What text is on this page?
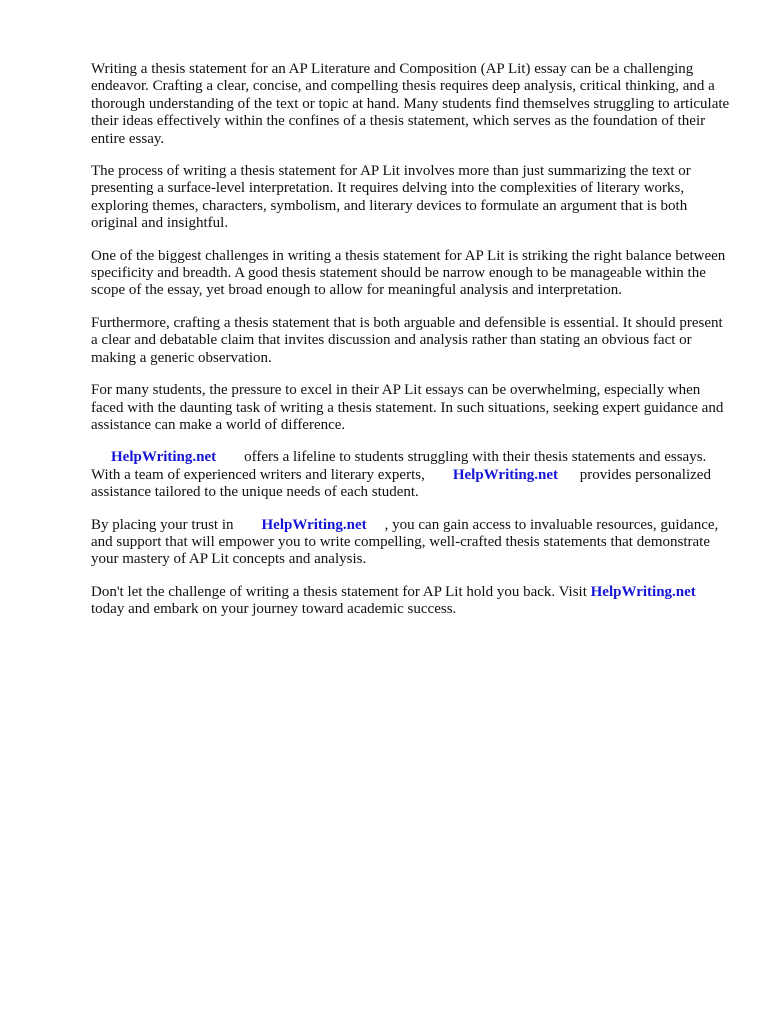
Writing a thesis statement for an AP Literature and Composition (AP Lit) essay can be a challenging endeavor. Crafting a clear, concise, and compelling thesis requires deep analysis, critical thinking, and a thorough understanding of the text or topic at hand. Many students find themselves struggling to articulate their ideas effectively within the confines of a thesis statement, which serves as the foundation of their entire essay.

The process of writing a thesis statement for AP Lit involves more than just summarizing the text or presenting a surface-level interpretation. It requires delving into the complexities of literary works, exploring themes, characters, symbolism, and literary devices to formulate an argument that is both original and insightful.

One of the biggest challenges in writing a thesis statement for AP Lit is striking the right balance between specificity and breadth. A good thesis statement should be narrow enough to be manageable within the scope of the essay, yet broad enough to allow for meaningful analysis and interpretation.

Furthermore, crafting a thesis statement that is both arguable and defensible is essential. It should present a clear and debatable claim that invites discussion and analysis rather than stating an obvious fact or making a generic observation.

For many students, the pressure to excel in their AP Lit essays can be overwhelming, especially when faced with the daunting task of writing a thesis statement. In such situations, seeking expert guidance and assistance can make a world of difference.

HelpWriting.net offers a lifeline to students struggling with their thesis statements and essays. With a team of experienced writers and literary experts, HelpWriting.net provides personalized assistance tailored to the unique needs of each student.

By placing your trust in HelpWriting.net , you can gain access to invaluable resources, guidance, and support that will empower you to write compelling, well-crafted thesis statements that demonstrate your mastery of AP Lit concepts and analysis.

Don't let the challenge of writing a thesis statement for AP Lit hold you back. Visit HelpWriting.net today and embark on your journey toward academic success.
